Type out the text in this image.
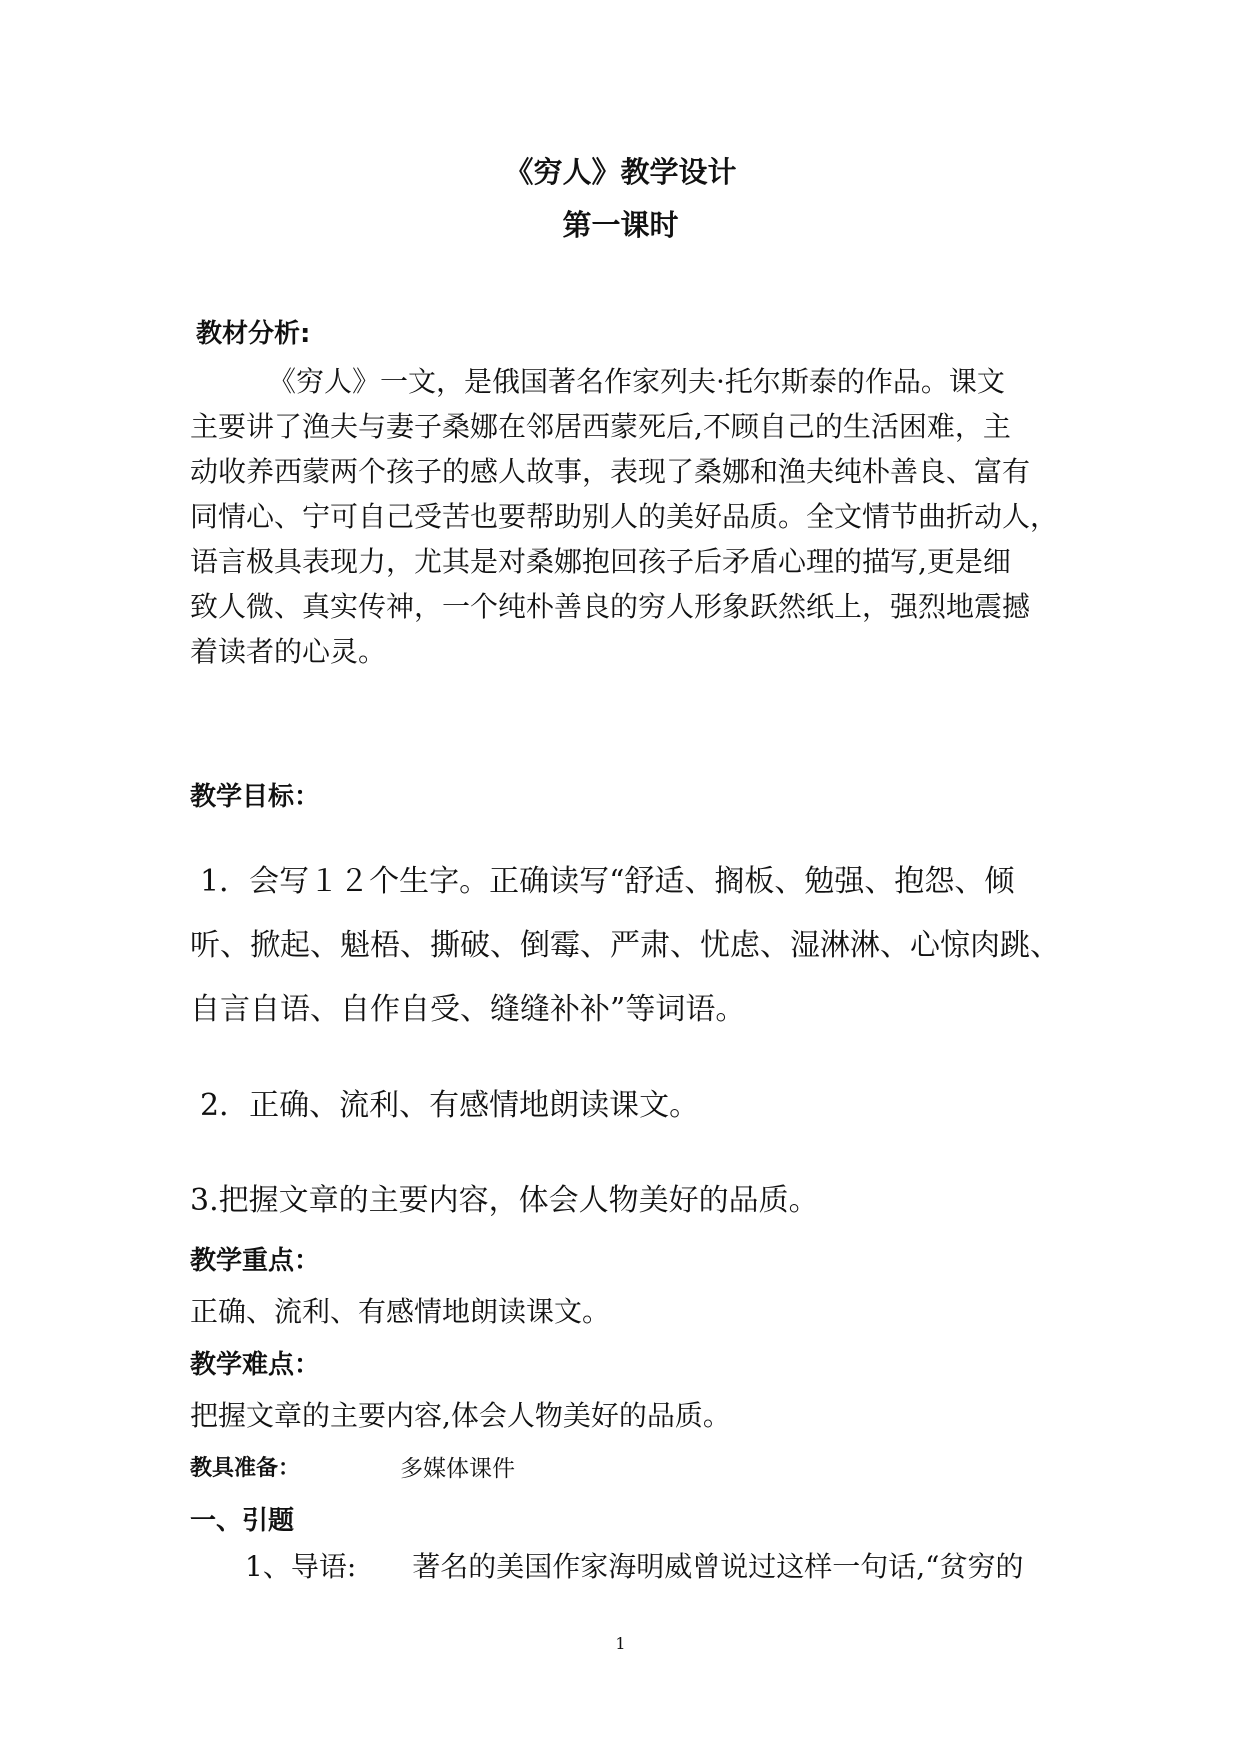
《穷人》教学设计
第一课时
教材分析:

《穷人》一文，是俄国著名作家列夫·托尔斯泰的作品。课文

主要讲了渔夫与妻子桑娜在邻居西蒙死后,不顾自己的生活困难，主

动收养西蒙两个孩子的感人故事，表现了桑娜和渔夫纯朴善良、富有

同情心、宁可自己受苦也要帮助别人的美好品质。全文情节曲折动人，

语言极具表现力，尤其是对桑娜抱回孩子后矛盾心理的描写,更是细

致人微、真实传神，一个纯朴善良的穷人形象跃然纸上，强烈地震撼

着读者的心灵。

教学目标：
1．会写１２个生字。正确读写“舒适、搁板、勉强、抱怨、倾
听、掀起、魁梧、撕破、倒霉、严肃、忧虑、湿淋淋、心惊肉跳、
自言自语、自作自受、缝缝补补”等词语。
2．正确、流利、有感情地朗读课文。
3.把握文章的主要内容，体会人物美好的品质。
教学重点：
正确、流利、有感情地朗读课文。
教学难点：
把握文章的主要内容,体会人物美好的品质。
教具准备：	多媒体课件
一、引题
1、导语:　　著名的美国作家海明威曾说过这样一句话,“贫穷的
1
